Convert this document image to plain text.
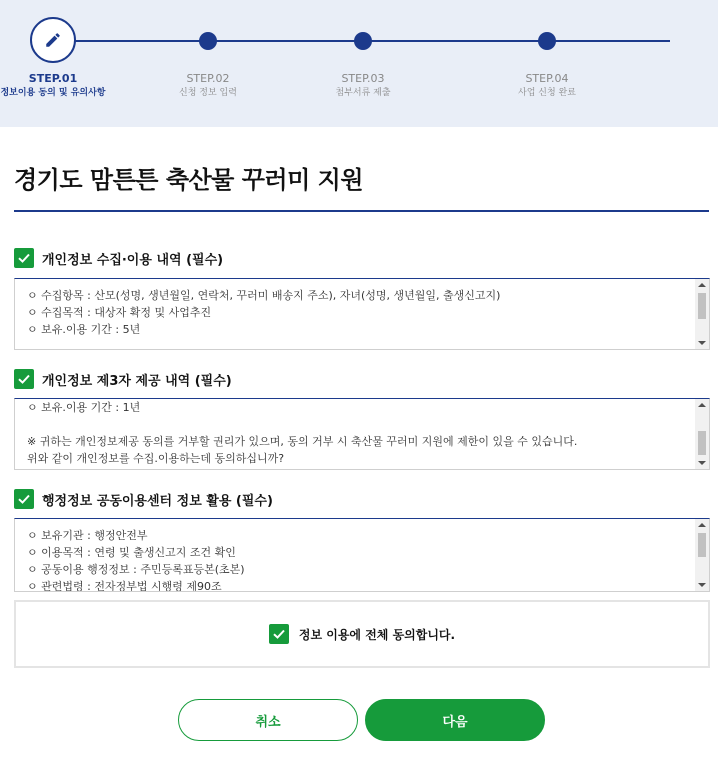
STEP.01
정보이용 동의 및 유의사항
STEP.02
신청 정보 입력
STEP.03
첨부서류 제출
STEP.04
사업 신청 완료
경기도 맘튼튼 축산물 꾸러미 지원
개인정보 수집·이용 내역 (필수)
ㅇ 수집항목 : 산모(성명, 생년월일, 연락처, 꾸러미 배송지 주소), 자녀(성명, 생년월일, 출생신고지)
ㅇ 수집목적 : 대상자 확정 및 사업추진
ㅇ 보유.이용 기간 : 5년
개인정보 제3자 제공 내역 (필수)
ㅇ 보유.이용 기간 : 1년
※ 귀하는 개인정보제공 동의를 거부할 권리가 있으며, 동의 거부 시 축산물 꾸러미 지원에 제한이 있을 수 있습니다.
위와 같이 개인정보를 수집.이용하는데 동의하십니까?
행정정보 공동이용센터 정보 활용 (필수)
ㅇ 보유기관 : 행정안전부
ㅇ 이용목적 : 연령 및 출생신고지 조건 확인
ㅇ 공동이용 행정정보 : 주민등록표등본(초본)
ㅇ 관련법령 : 전자정부법 시행령 제90조
정보 이용에 전체 동의합니다.
취소	다음
